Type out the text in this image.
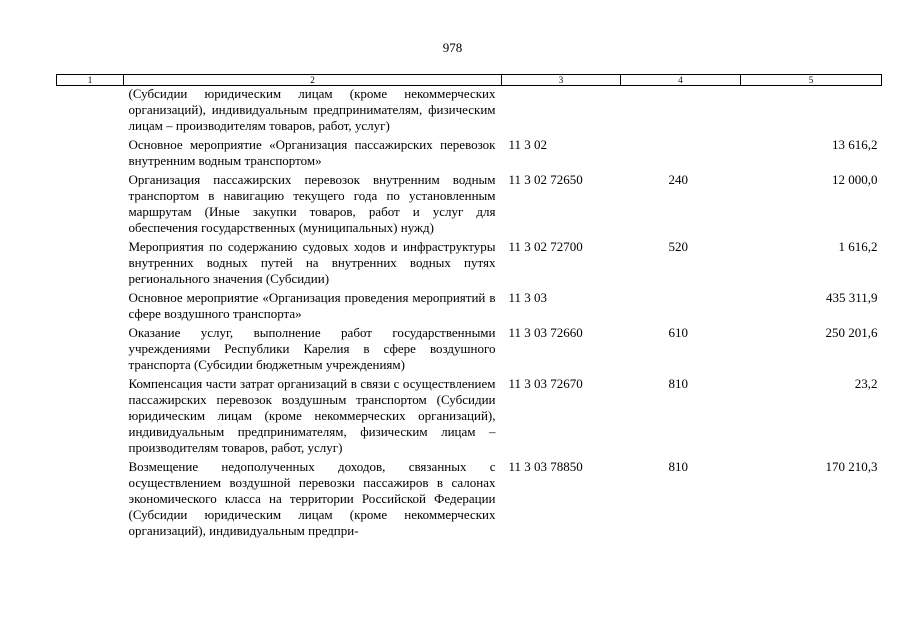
978
1	2	3	4	5
	(Субсидии юридическим лицам (кроме некоммерческих организаций), индивидуальным предпринимателям, физическим лицам – производителям товаров, работ, услуг)			
	Основное мероприятие «Организация пассажирских перевозок внутренним водным транспортом»	11 3 02		13 616,2
	Организация пассажирских перевозок внутренним водным транспортом в навигацию текущего года по установленным маршрутам (Иные закупки товаров, работ и услуг для обеспечения государственных (муниципальных) нужд)	11 3 02 72650	240	12 000,0
	Мероприятия по содержанию судовых ходов и инфраструктуры внутренних водных путей на внутренних водных путях регионального значения (Субсидии)	11 3 02 72700	520	1 616,2
	Основное мероприятие «Организация проведения мероприятий в сфере воздушного транспорта»	11 3 03		435 311,9
	Оказание услуг, выполнение работ государственными учреждениями Республики Карелия в сфере воздушного транспорта (Субсидии бюджетным учреждениям)	11 3 03 72660	610	250 201,6
	Компенсация части затрат организаций в связи с осуществлением пассажирских перевозок воздушным транспортом (Субсидии юридическим лицам (кроме некоммерческих организаций), индивидуальным предпринимателям, физическим лицам – производителям товаров, работ, услуг)	11 3 03 72670	810	23,2
	Возмещение недополученных доходов, связанных с осуществлением воздушной перевозки пассажиров в салонах экономического класса на территории Российской Федерации (Субсидии юридическим лицам (кроме некоммерческих организаций), индивидуальным предпри-	11 3 03 78850	810	170 210,3
